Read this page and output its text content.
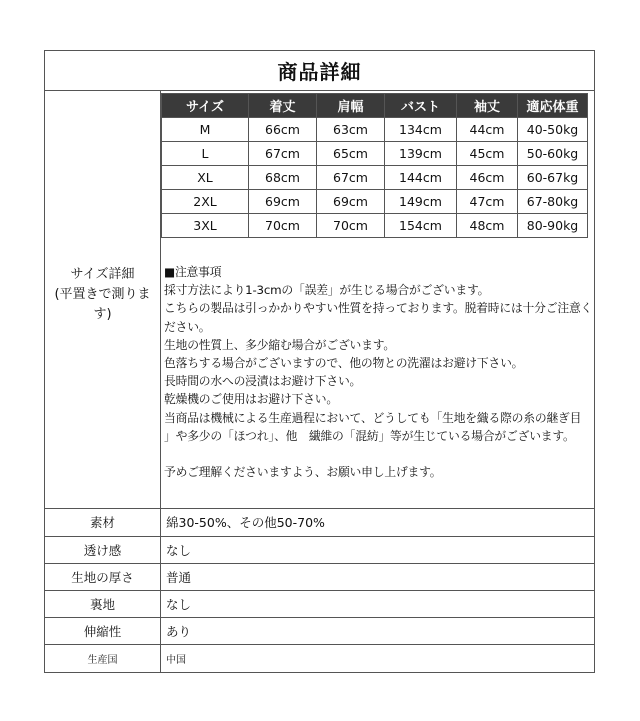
商品詳細
サイズ詳細
(平置きで測りま
す)
サイズ	着丈	肩幅	バスト	袖丈	適応体重
M	66cm	63cm	134cm	44cm	40-50kg
L	67cm	65cm	139cm	45cm	50-60kg
XL	68cm	67cm	144cm	46cm	60-67kg
2XL	69cm	69cm	149cm	47cm	67-80kg
3XL	70cm	70cm	154cm	48cm	80-90kg

■注意事項

採寸方法により1-3cmの「誤差」が生じる場合がございます。

こちらの製品は引っかかりやすい性質を持っております。脱着時には十分ご注意く

ださい。

生地の性質上、多少縮む場合がございます。

色落ちする場合がございますので、他の物との洗濯はお避け下さい。

長時間の水への浸漬はお避け下さい。

乾燥機のご使用はお避け下さい。

当商品は機械による生産過程において、どうしても「生地を織る際の糸の継ぎ目

」や多少の「ほつれ」、他　繊維の「混紡」等が生じている場合がございます。

予めご理解くださいますよう、お願い申し上げます。

素材	綿30-50%、その他50-70%
透け感	なし
生地の厚さ	普通
裏地	なし
伸縮性	あり
生産国	中国
